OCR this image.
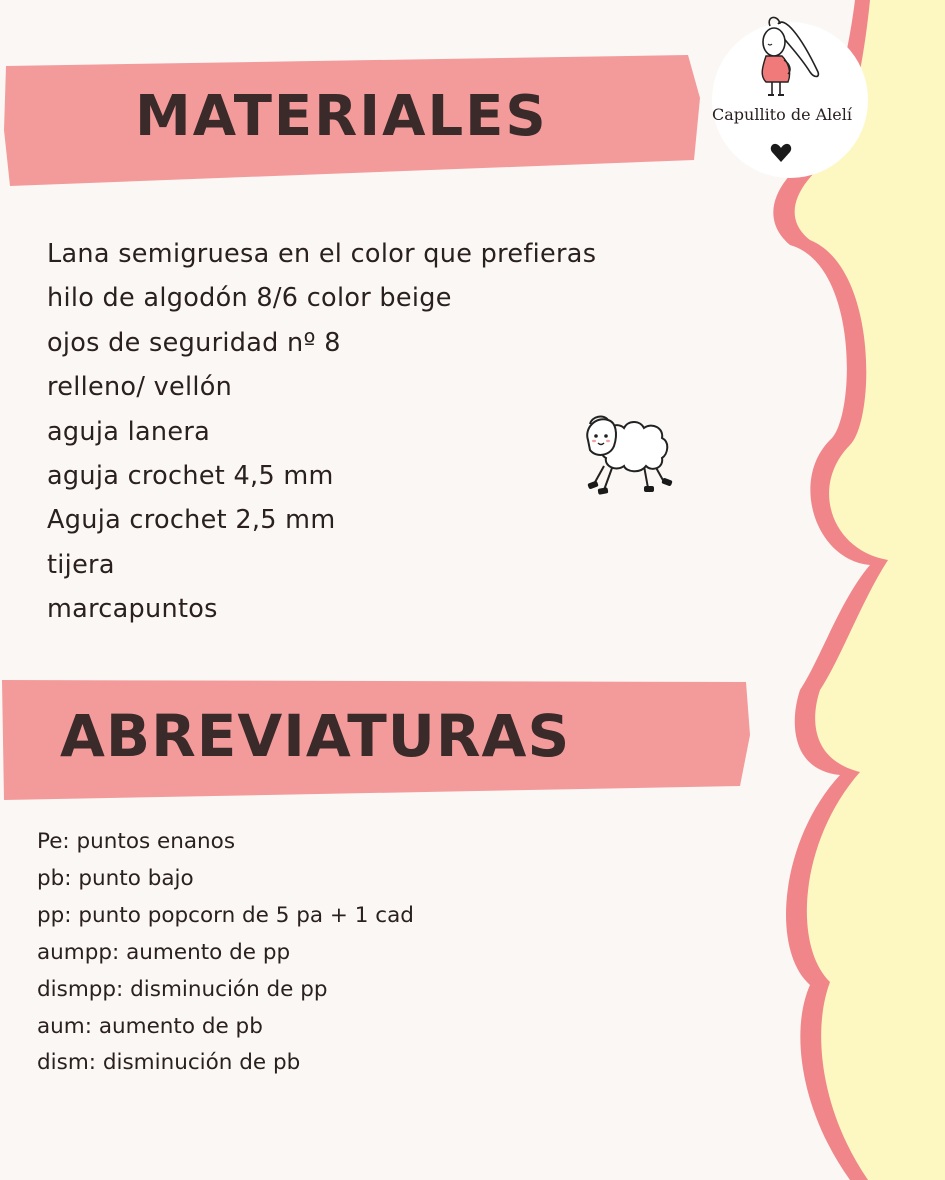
MATERIALES
Lana semigruesa en el color que prefieras
hilo de algodón 8/6 color beige
ojos de seguridad nº 8
relleno/ vellón
aguja lanera
aguja crochet 4,5 mm
Aguja crochet 2,5 mm
tijera
marcapuntos
ABREVIATURAS
Pe: puntos enanos
pb: punto bajo
pp: punto popcorn de 5 pa + 1 cad
aumpp: aumento de pp
dismpp: disminución de pp
aum: aumento de pb
dism: disminución de pb
Capullito de Alelí
